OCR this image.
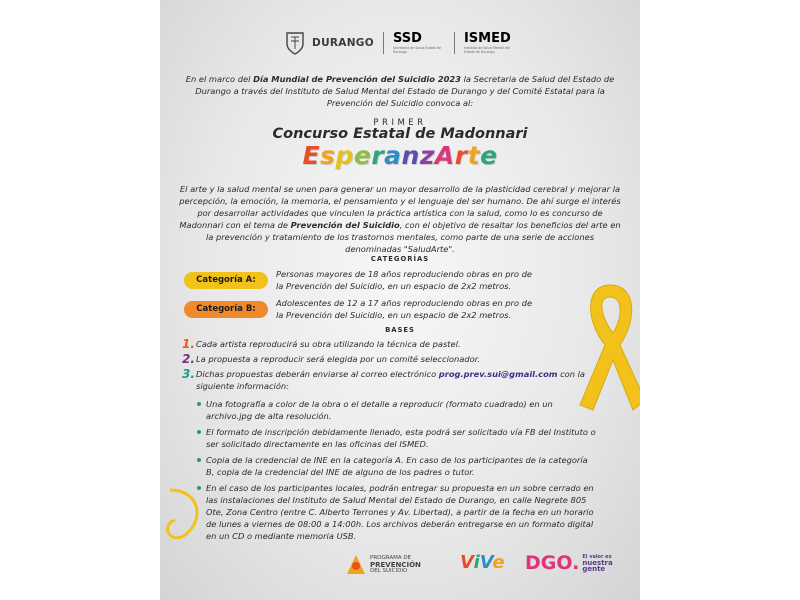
DURANGO SSD
Secretaría de Salud Estado de Durango
ISMED
Instituto de Salud Mental del Estado de Durango
En el marco del Día Mundial de Prevención del Suicidio 2023 la Secretaria de Salud del Estado de Durango a través del Instituto de Salud Mental del Estado de Durango y del Comité Estatal para la Prevención del Suicidio convoca al:
PRIMER
Concurso Estatal de Madonnari
EsperanzArte
El arte y la salud mental se unen para generar un mayor desarrollo de la plasticidad cerebral y mejorar la percepción, la emoción, la memoria, el pensamiento y el lenguaje del ser humano. De ahí surge el interés por desarrollar actividades que vinculen la práctica artística con la salud, como lo es concurso de Madonnari con el tema de Prevención del Suicidio, con el objetivo de resaltar los beneficios del arte en la prevención y tratamiento de los trastornos mentales, como parte de una serie de acciones denominadas "SaludArte".
CATEGORÍAS
Categoría A:
Personas mayores de 18 años reproduciendo obras en pro de la Prevención del Suicidio, en un espacio de 2x2 metros.
Categoría B:
Adolescentes de 12 a 17 años reproduciendo obras en pro de la Prevención del Suicidio, en un espacio de 2x2 metros.
BASES
1. Cada artista reproducirá su obra utilizando la técnica de pastel.
2. La propuesta a reproducir será elegida por un comité seleccionador.
3. Dichas propuestas deberán enviarse al correo electrónico prog.prev.sui@gmail.com con la siguiente información:
Una fotografía a color de la obra o el detalle a reproducir (formato cuadrado) en un archivo.jpg de alta resolución.
El formato de inscripción debidamente llenado, esta podrá ser solicitado vía FB del Instituto o ser solicitado directamente en las oficinas del ISMED.
Copia de la credencial de INE en la categoría A. En caso de los participantes de la categoría B, copia de la credencial del INE de alguno de los padres o tutor.
En el caso de los participantes locales, podrán entregar su propuesta en un sobre cerrado en las instalaciones del Instituto de Salud Mental del Estado de Durango, en calle Negrete 805 Ote, Zona Centro (entre C. Alberto Terrones y Av. Libertad), a partir de la fecha en un horario de lunes a viernes de 08:00 a 14:00h. Los archivos deberán entregarse en un formato digital en un CD o mediante memoria USB.
PROGRAMA DE
PREVENCIÓN
DEL SUICIDIO	ViVe DGO. El valor es
nuestra
gente
